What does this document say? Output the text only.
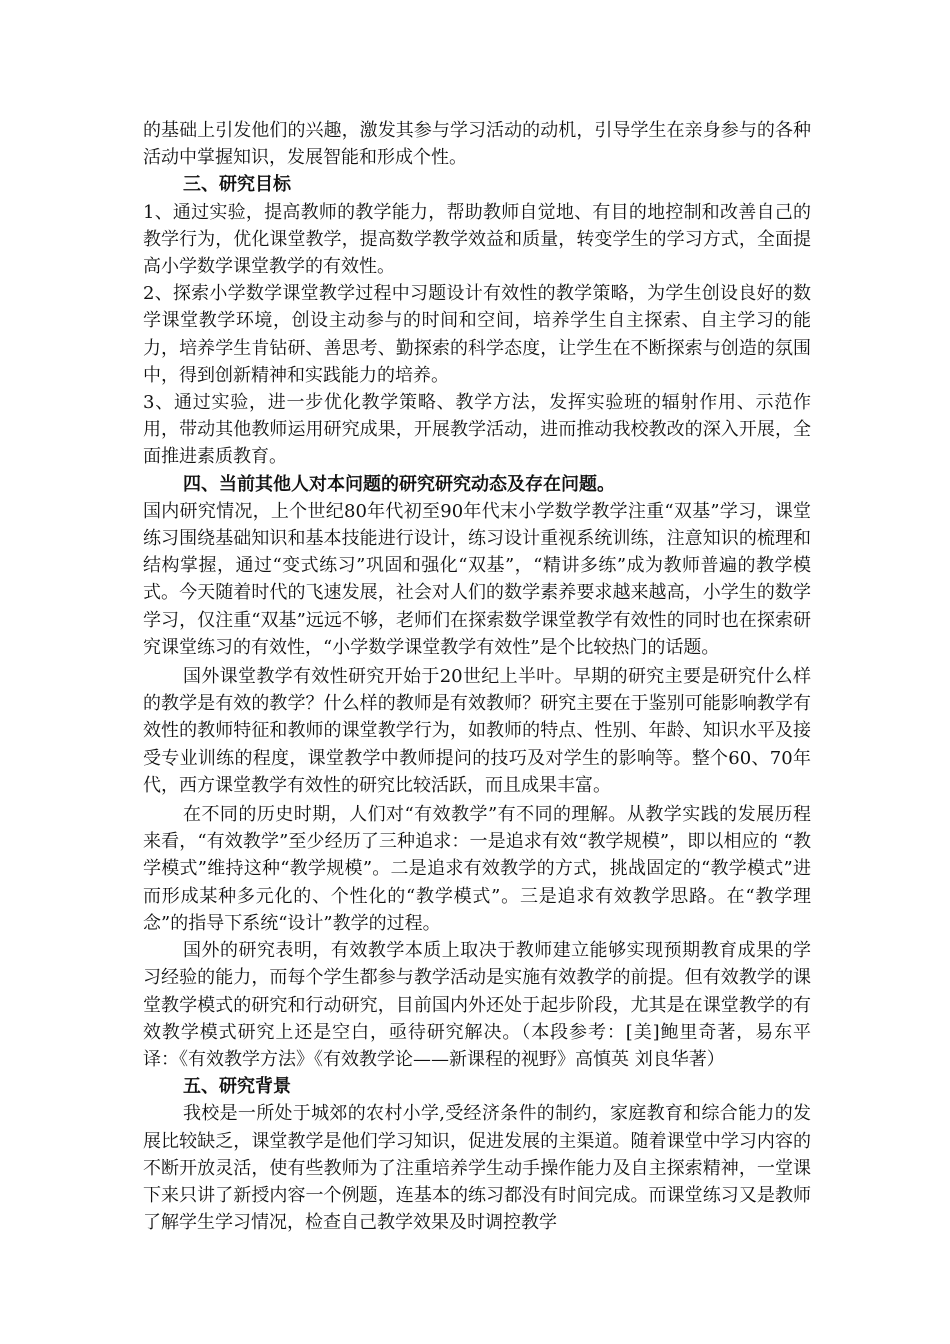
的基础上引发他们的兴趣，激发其参与学习活动的动机，引导学生在亲身参与的各种活动中掌握知识，发展智能和形成个性。

三、研究目标

1、通过实验，提高教师的教学能力，帮助教师自觉地、有目的地控制和改善自己的教学行为，优化课堂教学，提高数学教学效益和质量，转变学生的学习方式，全面提高小学数学课堂教学的有效性。

2、探索小学数学课堂教学过程中习题设计有效性的教学策略，为学生创设良好的数学课堂教学环境，创设主动参与的时间和空间，培养学生自主探索、自主学习的能力，培养学生肯钻研、善思考、勤探索的科学态度，让学生在不断探索与创造的氛围中，得到创新精神和实践能力的培养。

3、通过实验，进一步优化教学策略、教学方法，发挥实验班的辐射作用、示范作用，带动其他教师运用研究成果，开展教学活动，进而推动我校教改的深入开展，全面推进素质教育。

四、当前其他人对本问题的研究研究动态及存在问题。

国内研究情况，上个世纪80年代初至90年代末小学数学教学注重“双基”学习，课堂练习围绕基础知识和基本技能进行设计，练习设计重视系统训练，注意知识的梳理和结构掌握，通过“变式练习”巩固和强化“双基”，“精讲多练”成为教师普遍的教学模式。今天随着时代的飞速发展，社会对人们的数学素养要求越来越高，小学生的数学学习，仅注重“双基”远远不够，老师们在探索数学课堂教学有效性的同时也在探索研究课堂练习的有效性，“小学数学课堂教学有效性”是个比较热门的话题。

国外课堂教学有效性研究开始于20世纪上半叶。早期的研究主要是研究什么样的教学是有效的教学？什么样的教师是有效教师？研究主要在于鉴别可能影响教学有效性的教师特征和教师的课堂教学行为，如教师的特点、性别、年龄、知识水平及接受专业训练的程度，课堂教学中教师提问的技巧及对学生的影响等。整个60、70年代，西方课堂教学有效性的研究比较活跃，而且成果丰富。

在不同的历史时期，人们对“有效教学”有不同的理解。从教学实践的发展历程来看，“有效教学”至少经历了三种追求：一是追求有效“教学规模”，即以相应的 “教学模式”维持这种“教学规模”。二是追求有效教学的方式，挑战固定的“教学模式”进而形成某种多元化的、个性化的“教学模式”。三是追求有效教学思路。在“教学理念”的指导下系统“设计”教学的过程。

国外的研究表明，有效教学本质上取决于教师建立能够实现预期教育成果的学习经验的能力，而每个学生都参与教学活动是实施有效教学的前提。但有效教学的课堂教学模式的研究和行动研究，目前国内外还处于起步阶段，尤其是在课堂教学的有效教学模式研究上还是空白，亟待研究解决。（本段参考：[美]鲍里奇著，易东平译：《有效教学方法》《有效教学论——新课程的视野》高慎英 刘良华著）

五、研究背景

我校是一所处于城郊的农村小学,受经济条件的制约，家庭教育和综合能力的发展比较缺乏，课堂教学是他们学习知识，促进发展的主渠道。随着课堂中学习内容的不断开放灵活，使有些教师为了注重培养学生动手操作能力及自主探索精神，一堂课下来只讲了新授内容一个例题，连基本的练习都没有时间完成。而课堂练习又是教师了解学生学习情况，检查自己教学效果及时调控教学
